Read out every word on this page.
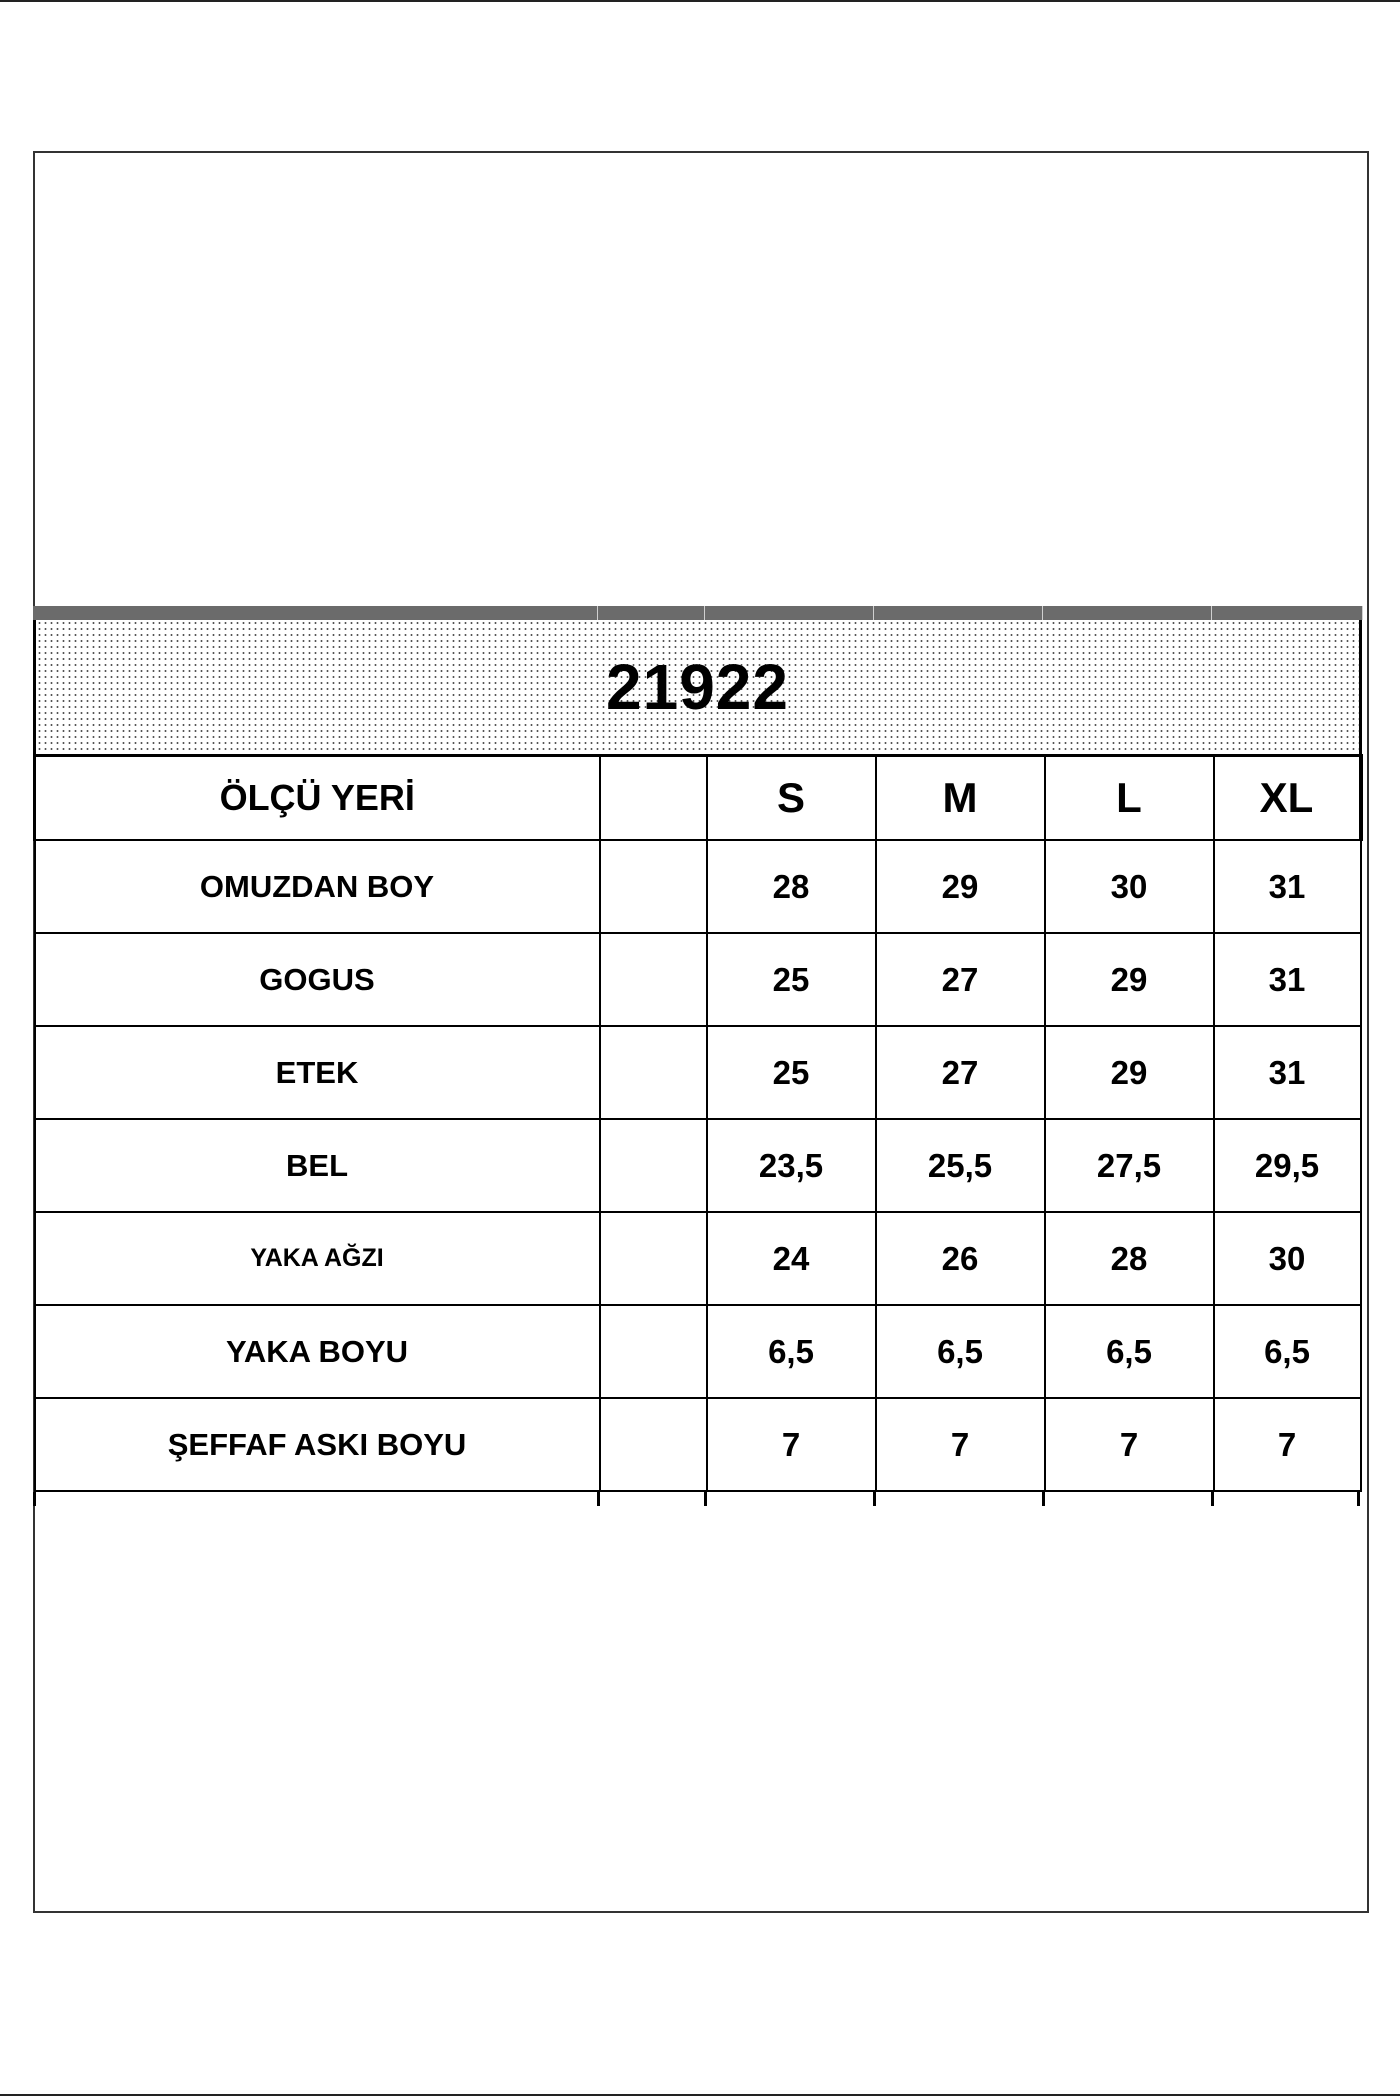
21922					
ÖLÇÜ YERİ		S	M	L	XL
OMUZDAN BOY		28	29	30	31
GOGUS		25	27	29	31
ETEK		25	27	29	31
BEL		23,5	25,5	27,5	29,5
YAKA AĞZI		24	26	28	30
YAKA BOYU		6,5	6,5	6,5	6,5
ŞEFFAF ASKI BOYU		7	7	7	7
